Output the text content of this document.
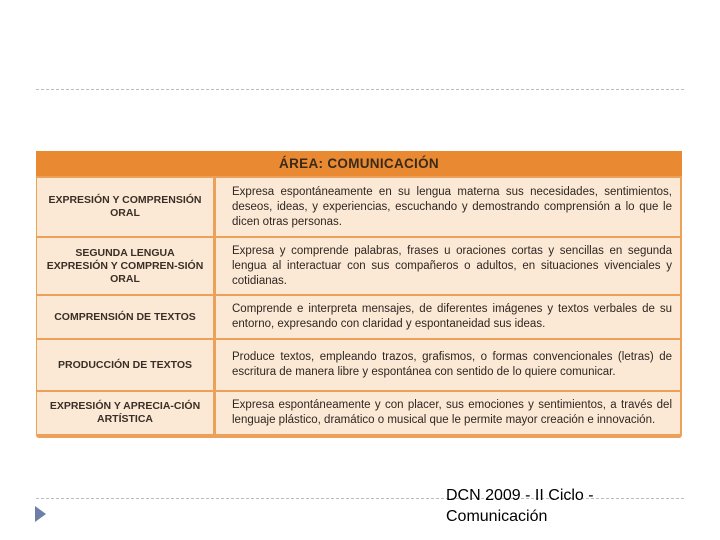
ÁREA: COMUNICACIÓN
EXPRESIÓN Y COMPRENSIÓN ORAL
Expresa espontáneamente en su lengua materna sus necesidades, sentimientos, deseos, ideas, y experiencias, escuchando y demostrando comprensión a lo que le dicen otras personas.
SEGUNDA LENGUA EXPRESIÓN Y COMPREN-SIÓN ORAL
Expresa y comprende palabras, frases u oraciones cortas y sencillas en segunda lengua al interactuar con sus compañeros o adultos, en situaciones vivenciales y cotidianas.
COMPRENSIÓN DE TEXTOS
Comprende e interpreta mensajes, de diferentes imágenes y textos verbales de su entorno, expresando con claridad y espontaneidad sus ideas.
PRODUCCIÓN DE TEXTOS
Produce textos, empleando trazos, grafismos, o formas convencionales (letras) de escritura de manera libre y espontánea con sentido de lo quiere comunicar.
EXPRESIÓN Y APRECIA-CIÓN ARTÍSTICA
Expresa espontáneamente y con placer, sus emociones y sentimientos, a través del lenguaje plástico, dramático o musical que le permite mayor creación e innovación.
DCN 2009 - II Ciclo -
Comunicación
